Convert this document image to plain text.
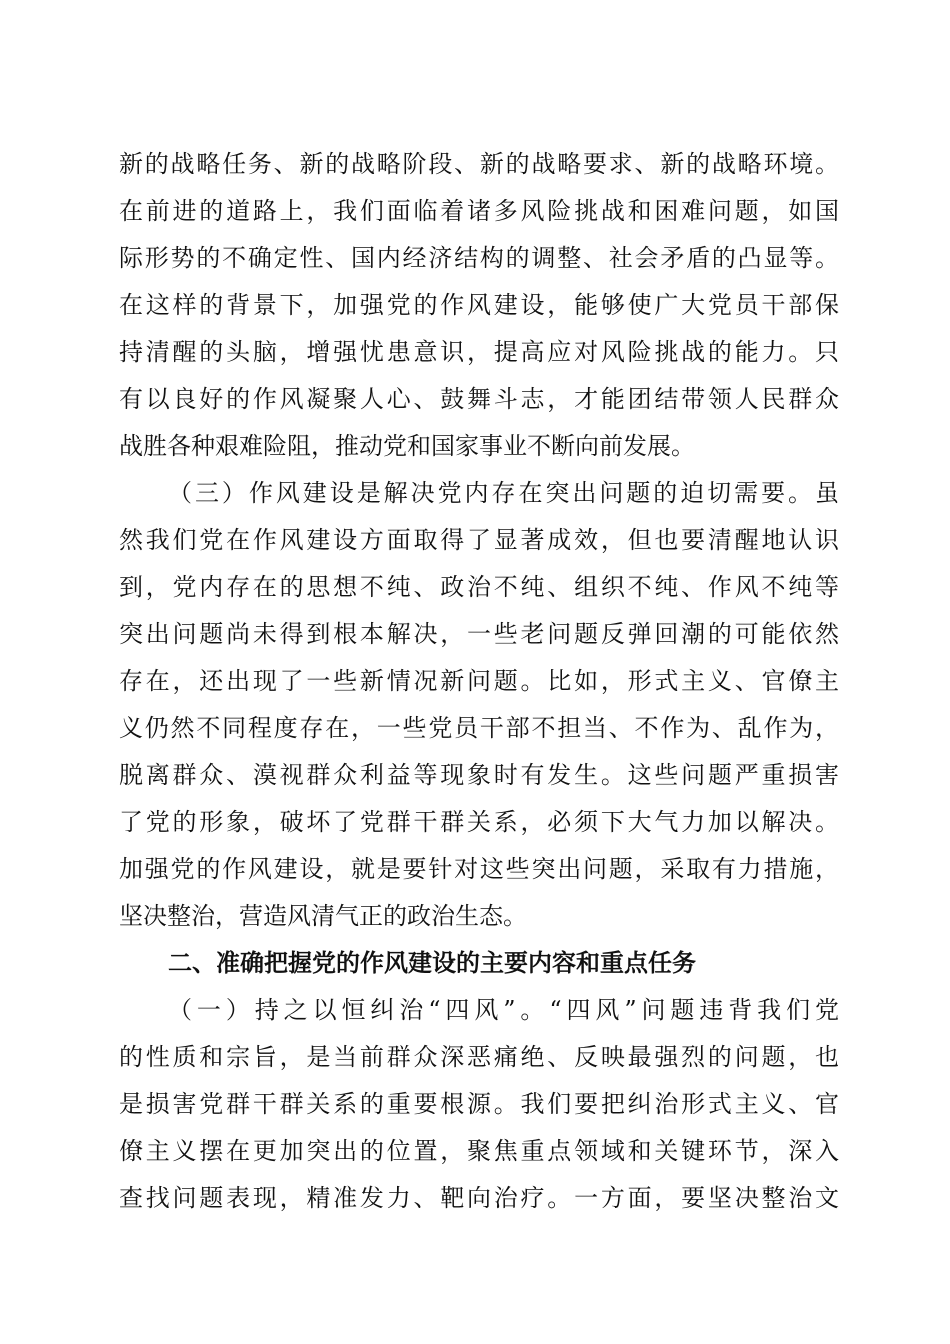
新的战略任务、新的战略阶段、新的战略要求、新的战略环境。
在前进的道路上，我们面临着诸多风险挑战和困难问题，如国
际形势的不确定性、国内经济结构的调整、社会矛盾的凸显等。
在这样的背景下，加强党的作风建设，能够使广大党员干部保
持清醒的头脑，增强忧患意识，提高应对风险挑战的能力。只
有以良好的作风凝聚人心、鼓舞斗志，才能团结带领人民群众
战胜各种艰难险阻，推动党和国家事业不断向前发展。
（三）作风建设是解决党内存在突出问题的迫切需要。虽
然我们党在作风建设方面取得了显著成效，但也要清醒地认识
到，党内存在的思想不纯、政治不纯、组织不纯、作风不纯等
突出问题尚未得到根本解决，一些老问题反弹回潮的可能依然
存在，还出现了一些新情况新问题。比如，形式主义、官僚主
义仍然不同程度存在，一些党员干部不担当、不作为、乱作为，
脱离群众、漠视群众利益等现象时有发生。这些问题严重损害
了党的形象，破坏了党群干群关系，必须下大气力加以解决。
加强党的作风建设，就是要针对这些突出问题，采取有力措施，
坚决整治，营造风清气正的政治生态。
二、准确把握党的作风建设的主要内容和重点任务
（一）持之以恒纠治“四风”。“四风”问题违背我们党
的性质和宗旨，是当前群众深恶痛绝、反映最强烈的问题，也
是损害党群干群关系的重要根源。我们要把纠治形式主义、官
僚主义摆在更加突出的位置，聚焦重点领域和关键环节，深入
查找问题表现，精准发力、靶向治疗。一方面，要坚决整治文
